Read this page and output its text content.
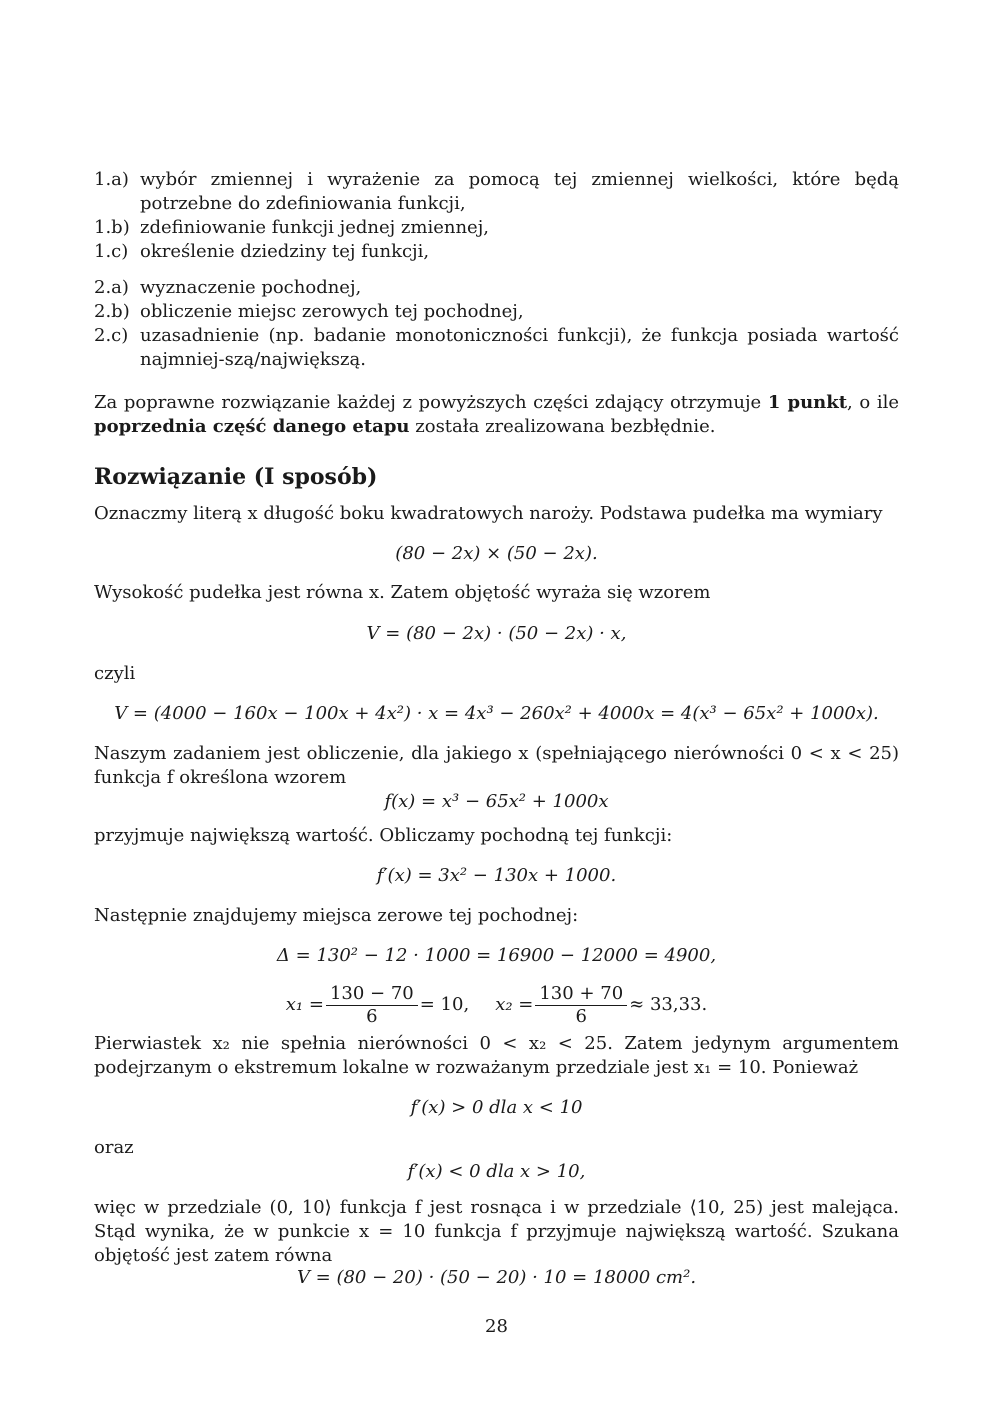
1.a) wybór zmiennej i wyrażenie za pomocą tej zmiennej wielkości, które będą potrzebne do zdefiniowania funkcji,
1.b) zdefiniowanie funkcji jednej zmiennej,
1.c) określenie dziedziny tej funkcji,
2.a) wyznaczenie pochodnej,
2.b) obliczenie miejsc zerowych tej pochodnej,
2.c) uzasadnienie (np. badanie monotoniczności funkcji), że funkcja posiada wartość najmniej-szą/największą.
Za poprawne rozwiązanie każdej z powyższych części zdający otrzymuje 1 punkt, o ile poprzednia część danego etapu została zrealizowana bezbłędnie.
Rozwiązanie (I sposób)
Oznaczmy literą x długość boku kwadratowych naroży. Podstawa pudełka ma wymiary
(80 − 2x) × (50 − 2x).
Wysokość pudełka jest równa x. Zatem objętość wyraża się wzorem
V = (80 − 2x) · (50 − 2x) · x,
czyli
V = (4000 − 160x − 100x + 4x²) · x = 4x³ − 260x² + 4000x = 4(x³ − 65x² + 1000x).
Naszym zadaniem jest obliczenie, dla jakiego x (spełniającego nierówności 0 < x < 25) funkcja f określona wzorem
f(x) = x³ − 65x² + 1000x
przyjmuje największą wartość. Obliczamy pochodną tej funkcji:
f′(x) = 3x² − 130x + 1000.
Następnie znajdujemy miejsca zerowe tej pochodnej:
Δ = 130² − 12 · 1000 = 16900 − 12000 = 4900,
$x_1 = \frac{130 - 70}{6} = 10$, $x_2 = \frac{130 + 70}{6} \approx 33,33$.
Pierwiastek x₂ nie spełnia nierówności 0 < x₂ < 25. Zatem jedynym argumentem podejrzanym o ekstremum lokalne w rozważanym przedziale jest x₁ = 10. Ponieważ
f′(x) > 0 dla x < 10
oraz
f′(x) < 0 dla x > 10,
więc w przedziale (0, 10⟩ funkcja f jest rosnąca i w przedziale ⟨10, 25) jest malejąca. Stąd wynika, że w punkcie x = 10 funkcja f przyjmuje największą wartość. Szukana objętość jest zatem równa
V = (80 − 20) · (50 − 20) · 10 = 18000 cm².
28
